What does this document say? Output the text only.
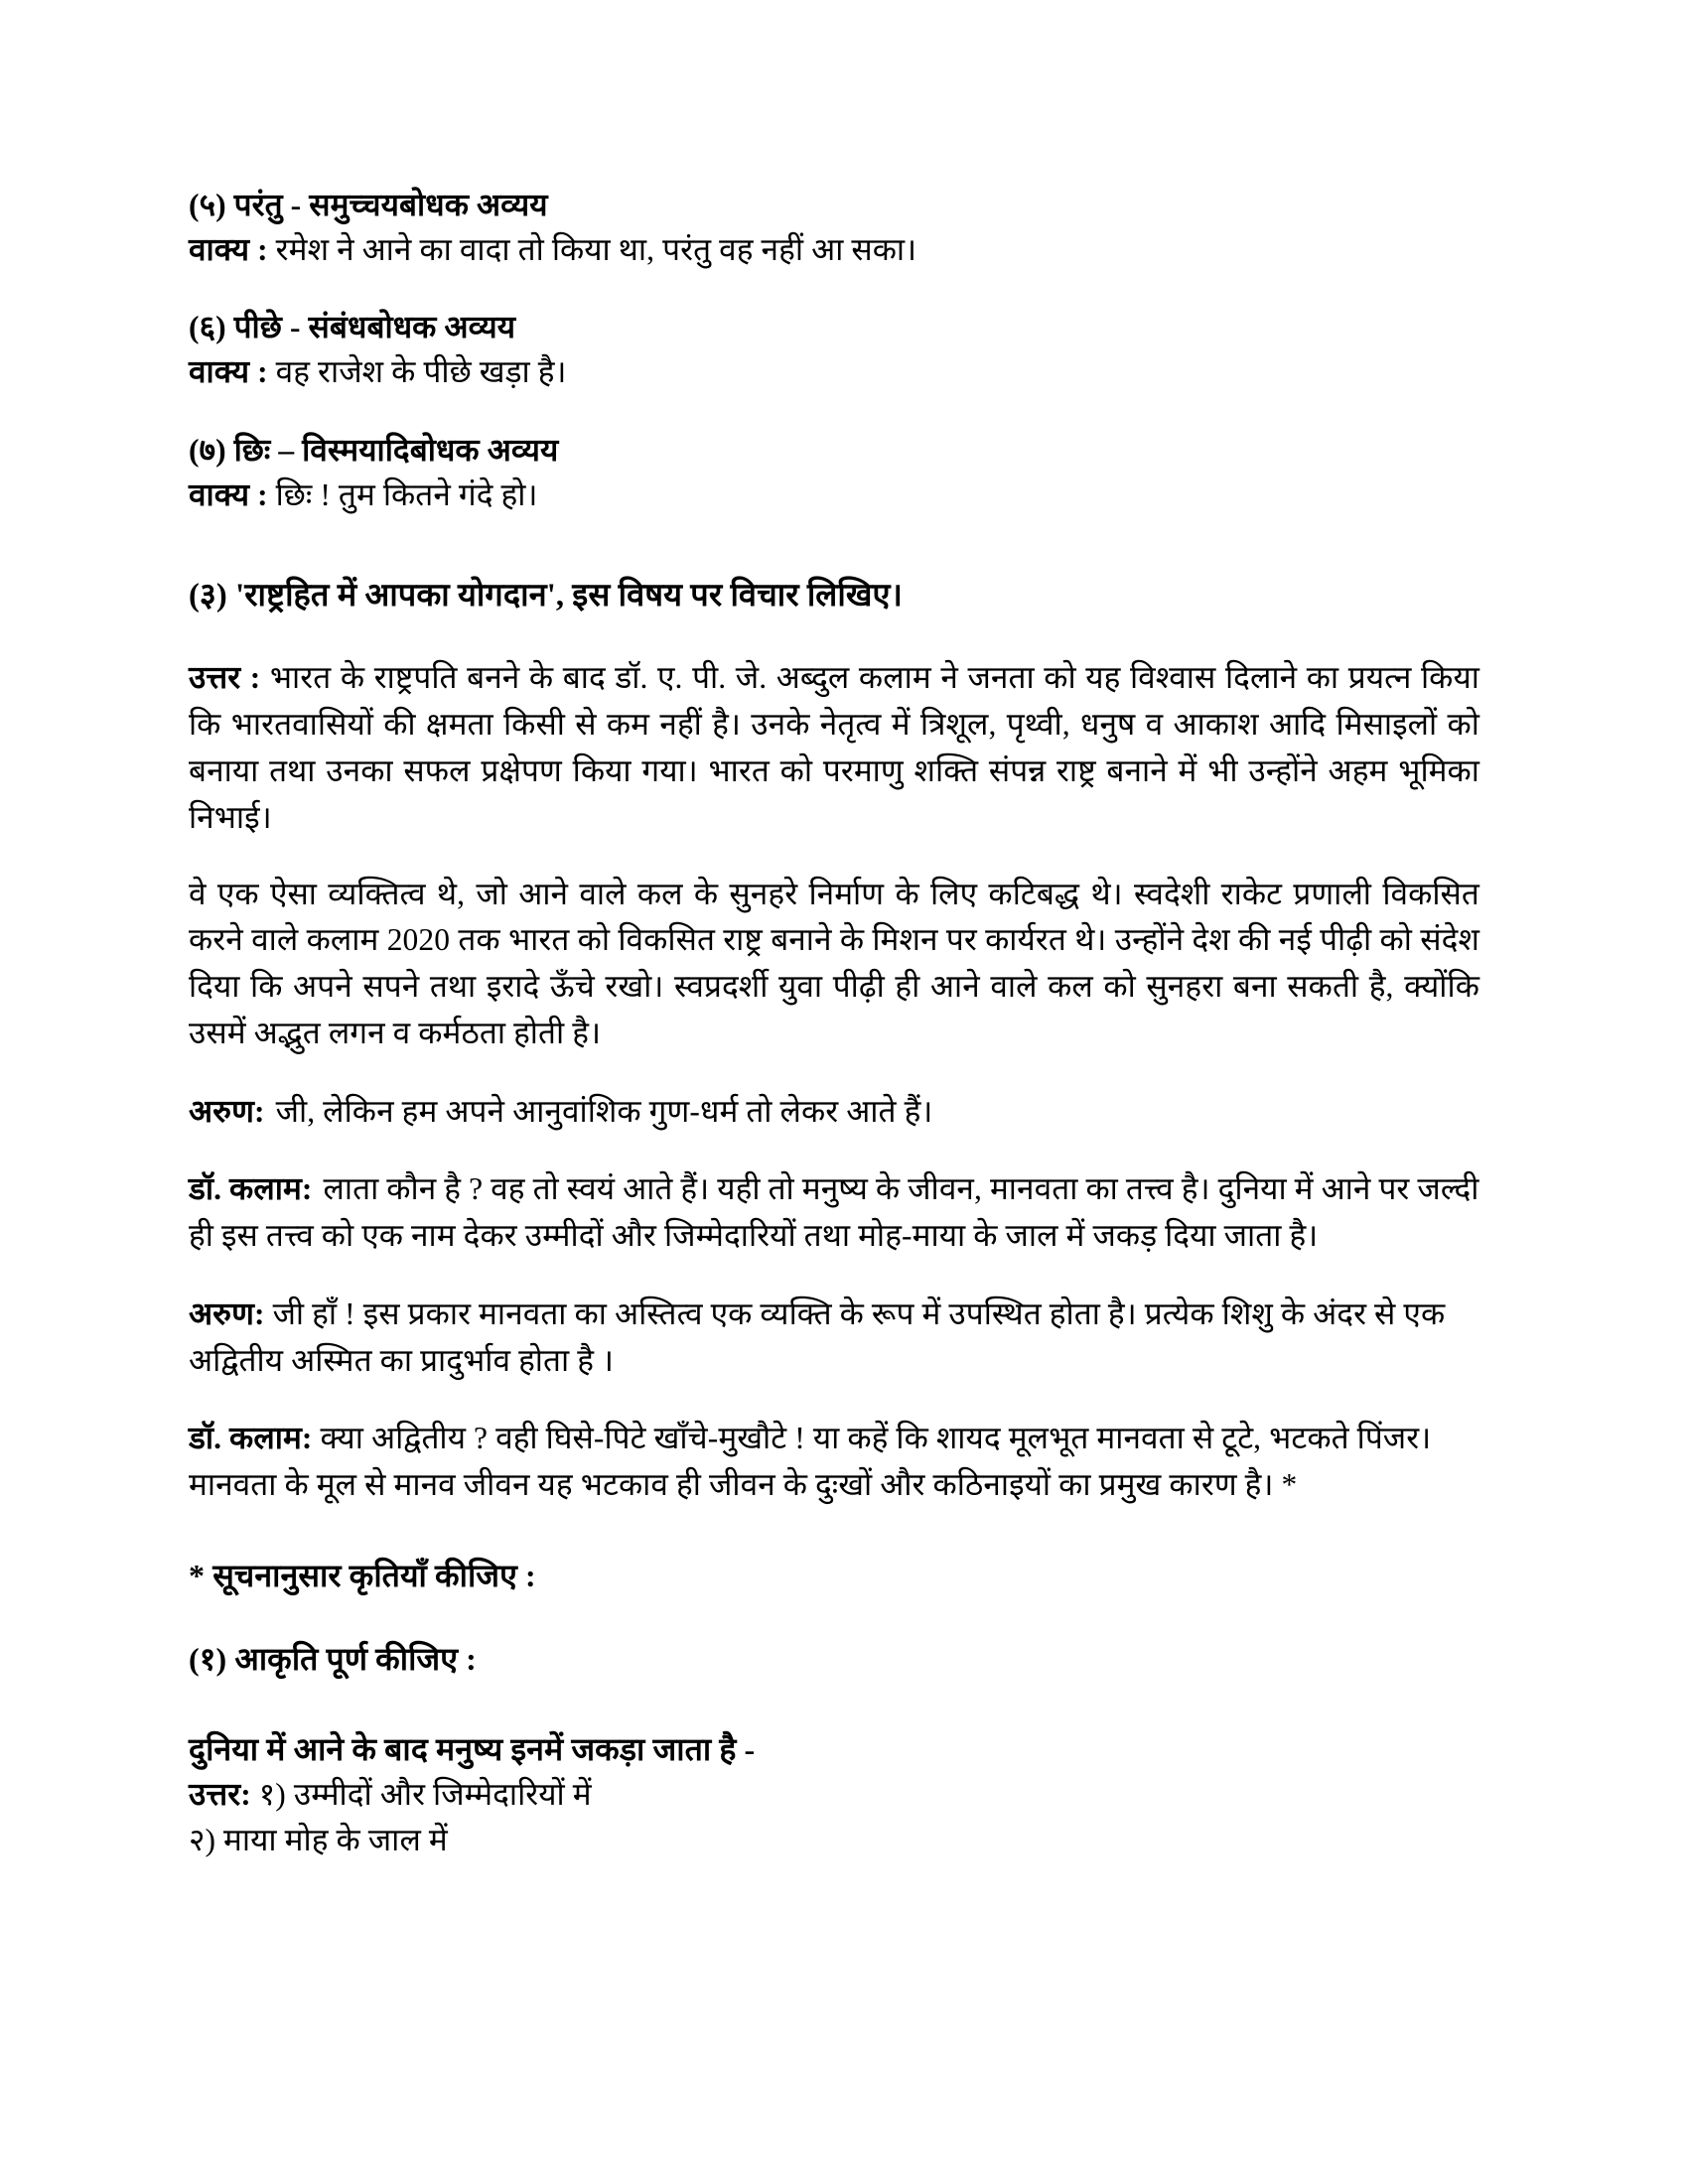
(५) परंतु - समुच्चयबोधक अव्यय

वाक्य : रमेश ने आने का वादा तो किया था, परंतु वह नहीं आ सका।

(६) पीछे - संबंधबोधक अव्यय

वाक्य : वह राजेश के पीछे खड़ा है।

(७) छिः – विस्मयादिबोधक अव्यय

वाक्य : छिः ! तुम कितने गंदे हो।

(३) 'राष्ट्रहित में आपका योगदान', इस विषय पर विचार लिखिए।

उत्तर : भारत के राष्ट्रपति बनने के बाद डॉ. ए. पी. जे. अब्दुल कलाम ने जनता को यह विश्वास दिलाने का प्रयत्न किया कि भारतवासियों की क्षमता किसी से कम नहीं है। उनके नेतृत्व में त्रिशूल, पृथ्वी, धनुष व आकाश आदि मिसाइलों को बनाया तथा उनका सफल प्रक्षेपण किया गया। भारत को परमाणु शक्ति संपन्न राष्ट्र बनाने में भी उन्होंने अहम भूमिका निभाई।

वे एक ऐसा व्यक्तित्व थे, जो आने वाले कल के सुनहरे निर्माण के लिए कटिबद्ध थे। स्वदेशी राकेट प्रणाली विकसित करने वाले कलाम 2020 तक भारत को विकसित राष्ट्र बनाने के मिशन पर कार्यरत थे। उन्होंने देश की नई पीढ़ी को संदेश दिया कि अपने सपने तथा इरादे ऊँचे रखो। स्वप्रदर्शी युवा पीढ़ी ही आने वाले कल को सुनहरा बना सकती है, क्योंकि उसमें अद्भुत लगन व कर्मठता होती है।

अरुण: जी, लेकिन हम अपने आनुवांशिक गुण-धर्म तो लेकर आते हैं।

डॉ. कलाम: लाता कौन है ? वह तो स्वयं आते हैं। यही तो मनुष्य के जीवन, मानवता का तत्त्व है। दुनिया में आने पर जल्दी ही इस तत्त्व को एक नाम देकर उम्मीदों और जिम्मेदारियों तथा मोह-माया के जाल में जकड़ दिया जाता है।

अरुण: जी हाँ ! इस प्रकार मानवता का अस्तित्व एक व्यक्ति के रूप में उपस्थित होता है। प्रत्येक शिशु के अंदर से एक अद्वितीय अस्मित का प्रादुर्भाव होता है ।

डॉ. कलाम: क्या अद्वितीय ? वही घिसे-पिटे खाँचे-मुखौटे ! या कहें कि शायद मूलभूत मानवता से टूटे, भटकते पिंजर। मानवता के मूल से मानव जीवन यह भटकाव ही जीवन के दुःखों और कठिनाइयों का प्रमुख कारण है। *

* सूचनानुसार कृतियाँ कीजिए :

(१) आकृति पूर्ण कीजिए :

दुनिया में आने के बाद मनुष्य इनमें जकड़ा जाता है -

उत्तर: १) उम्मीदों और जिम्मेदारियों में

२) माया मोह के जाल में
